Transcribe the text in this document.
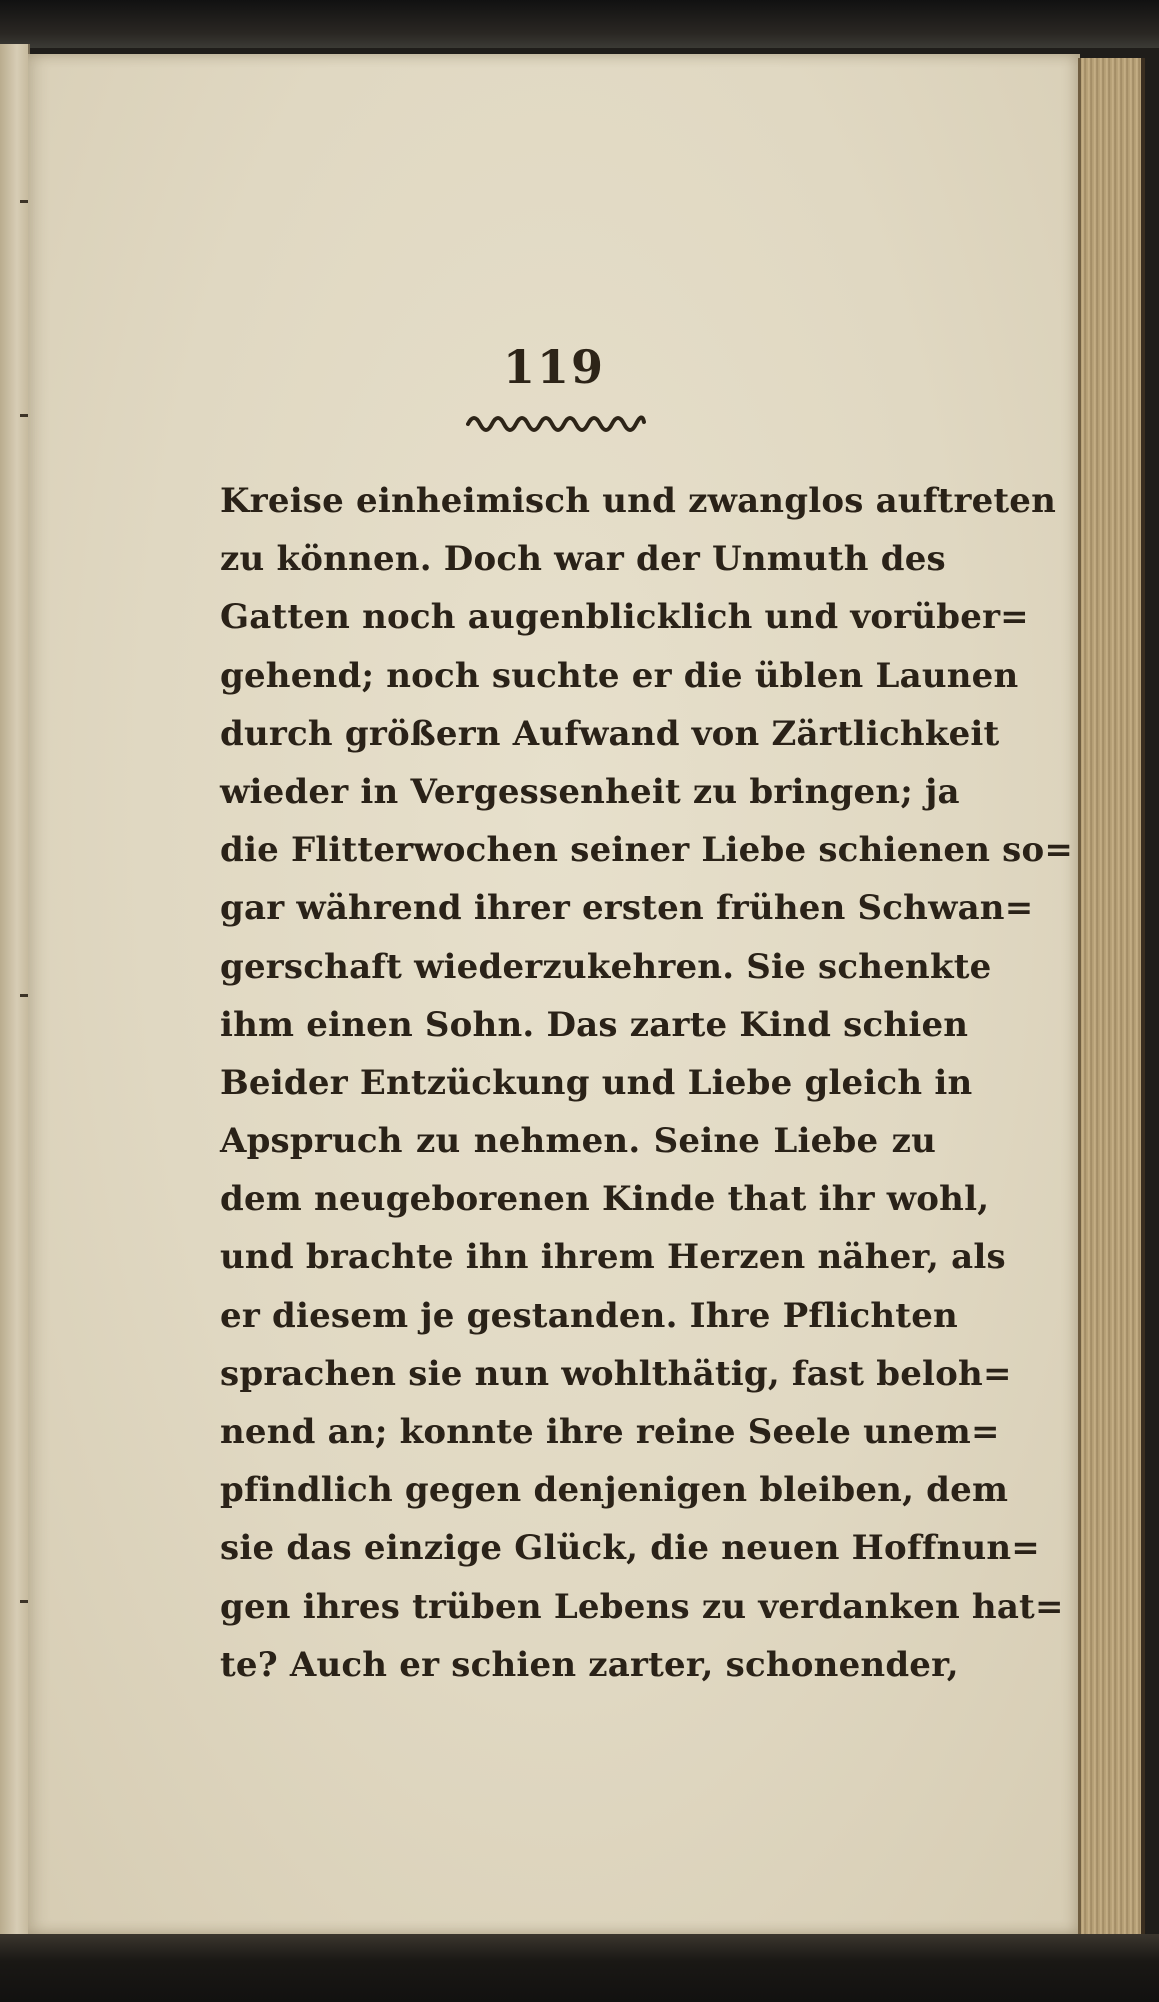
119
Kreise einheimisch und zwanglos auftreten
zu können. Doch war der Unmuth des
Gatten noch augenblicklich und vorüber=
gehend; noch suchte er die üblen Launen
durch größern Aufwand von Zärtlichkeit
wieder in Vergessenheit zu bringen; ja
die Flitterwochen seiner Liebe schienen so=
gar während ihrer ersten frühen Schwan=
gerschaft wiederzukehren. Sie schenkte
ihm einen Sohn. Das zarte Kind schien
Beider Entzückung und Liebe gleich in
Apspruch zu nehmen. Seine Liebe zu
dem neugeborenen Kinde that ihr wohl,
und brachte ihn ihrem Herzen näher, als
er diesem je gestanden. Ihre Pflichten
sprachen sie nun wohlthätig, fast beloh=
nend an; konnte ihre reine Seele unem=
pfindlich gegen denjenigen bleiben, dem
sie das einzige Glück, die neuen Hoffnun=
gen ihres trüben Lebens zu verdanken hat=
te? Auch er schien zarter, schonender,
